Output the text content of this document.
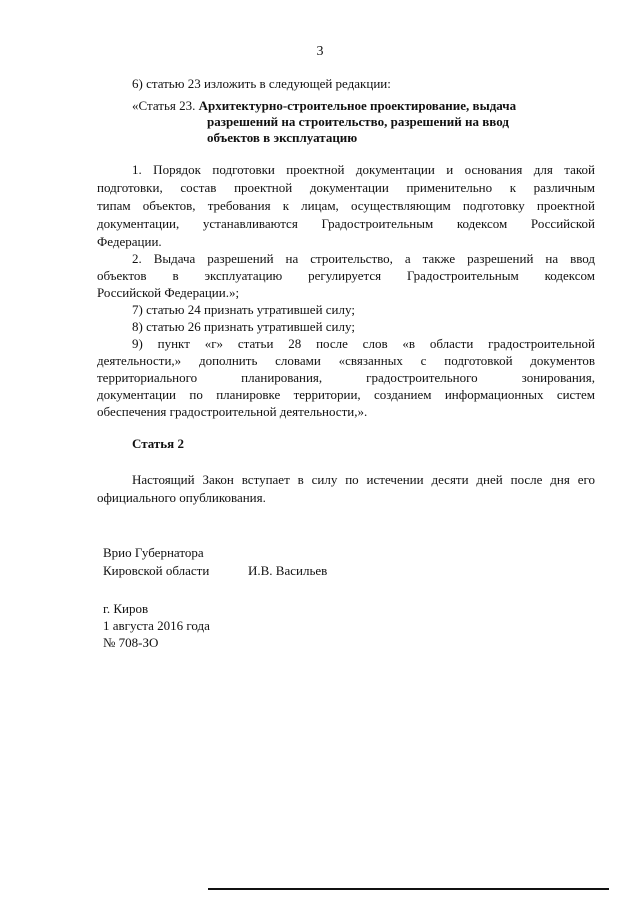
3
6) статью 23 изложить в следующей редакции:
«Статья 23. Архитектурно-строительное проектирование, выдача
разрешений на строительство, разрешений на ввод
объектов в эксплуатацию
1. Порядок подготовки проектной документации и основания для такой
подготовки, состав проектной документации применительно к различным
типам объектов, требования к лицам, осуществляющим подготовку проектной
документации, устанавливаются Градостроительным кодексом Российской
Федерации.
2. Выдача разрешений на строительство, а также разрешений на ввод
объектов в эксплуатацию регулируется Градостроительным кодексом
Российской Федерации.»;
7) статью 24 признать утратившей силу;
8) статью 26 признать утратившей силу;
9) пункт «г» статьи 28 после слов «в области градостроительной
деятельности,» дополнить словами «связанных с подготовкой документов
территориального планирования, градостроительного зонирования,
документации по планировке территории, созданием информационных систем
обеспечения градостроительной деятельности,».
Статья 2
Настоящий Закон вступает в силу по истечении десяти дней после дня его
официального опубликования.
Врио Губернатора
Кировской области	И.В. Васильев
г. Киров
1 августа 2016 года
№ 708-ЗО
